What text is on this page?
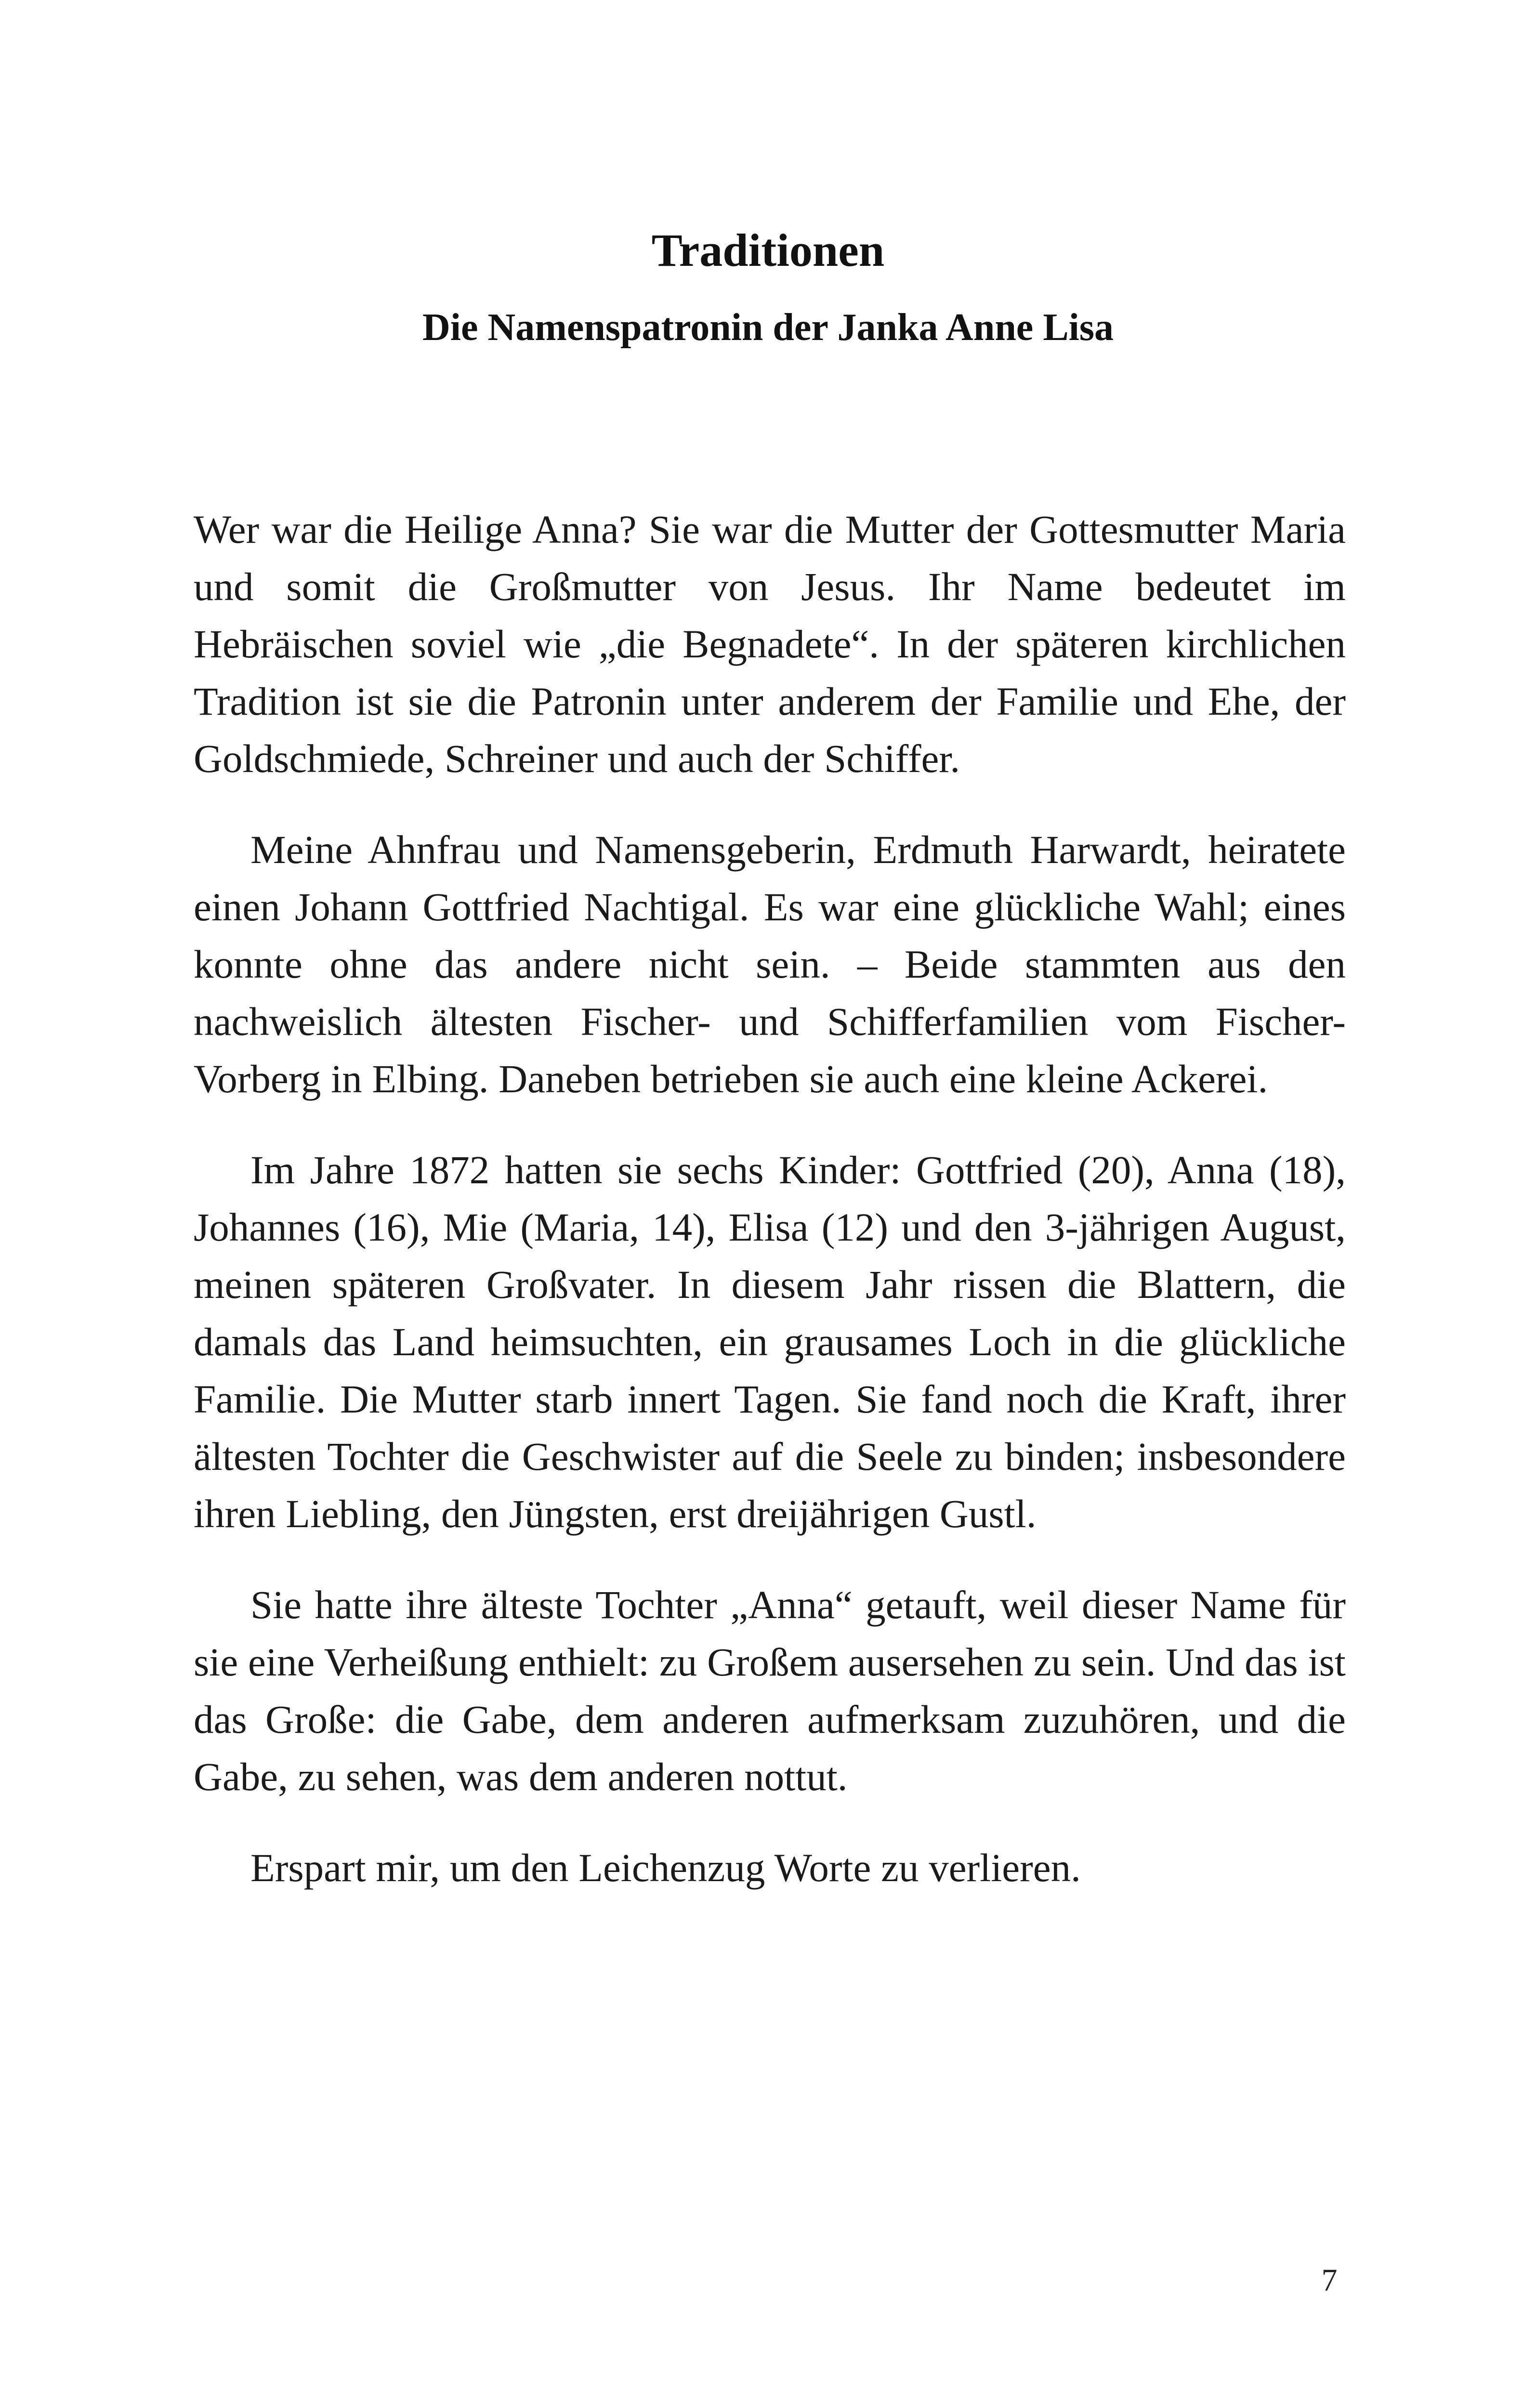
Traditionen
Die Namenspatronin der Janka Anne Lisa

Wer war die Heilige Anna? Sie war die Mutter der Gottesmutter Maria und somit die Großmutter von Jesus. Ihr Name bedeutet im Hebräischen soviel wie „die Begnadete“. In der späteren kirchlichen Tradition ist sie die Patronin unter anderem der Familie und Ehe, der Goldschmiede, Schreiner und auch der Schiffer.

Meine Ahnfrau und Namensgeberin, Erdmuth Harwardt, heiratete einen Johann Gottfried Nachtigal. Es war eine glückliche Wahl; eines konnte ohne das andere nicht sein. – Beide stammten aus den nachweislich ältesten Fischer- und Schifferfamilien vom Fischer-Vorberg in Elbing. Daneben betrieben sie auch eine kleine Ackerei.

Im Jahre 1872 hatten sie sechs Kinder: Gottfried (20), Anna (18), Johannes (16), Mie (Maria, 14), Elisa (12) und den 3-jährigen August, meinen späteren Großvater. In diesem Jahr rissen die Blattern, die damals das Land heimsuchten, ein grausames Loch in die glückliche Familie. Die Mutter starb innert Tagen. Sie fand noch die Kraft, ihrer ältesten Tochter die Geschwister auf die Seele zu binden; insbesondere ihren Liebling, den Jüngsten, erst dreijährigen Gustl.

Sie hatte ihre älteste Tochter „Anna“ getauft, weil dieser Name für sie eine Verheißung enthielt: zu Großem ausersehen zu sein. Und das ist das Große: die Gabe, dem anderen aufmerksam zuzuhören, und die Gabe, zu sehen, was dem anderen nottut.

Erspart mir, um den Leichenzug Worte zu verlieren.

7
